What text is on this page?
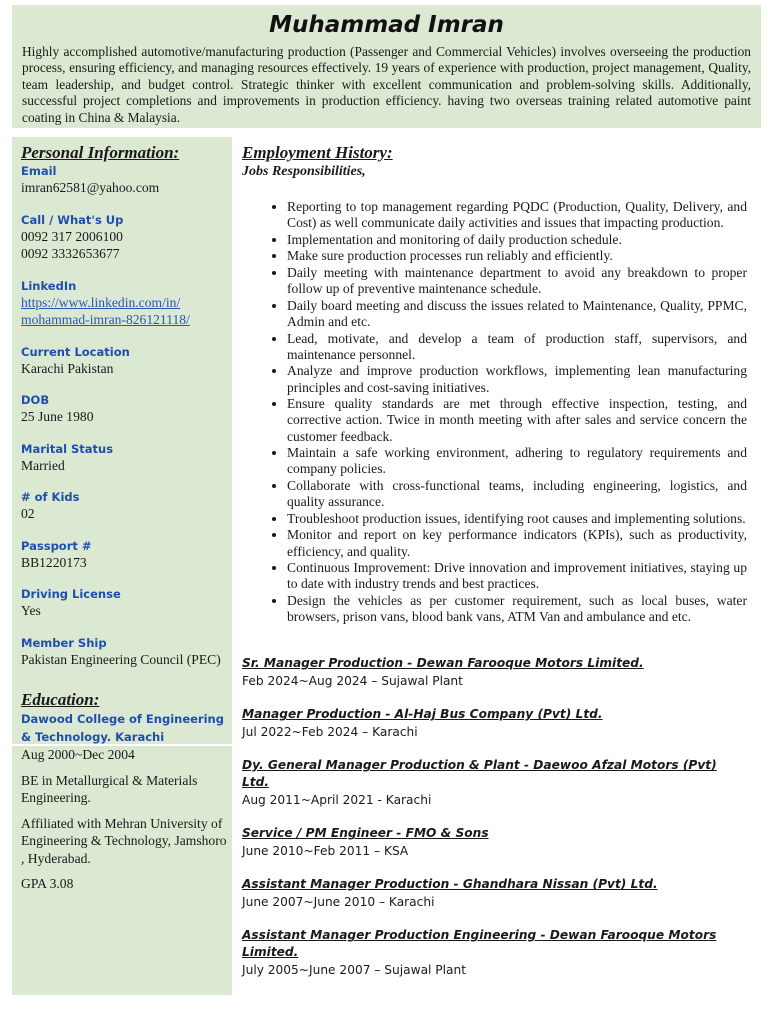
Muhammad Imran
Highly accomplished automotive/manufacturing production (Passenger and Commercial Vehicles) involves overseeing the production process, ensuring efficiency, and managing resources effectively. 19 years of experience with production, project management, Quality, team leadership, and budget control. Strategic thinker with excellent communication and problem-solving skills. Additionally, successful project completions and improvements in production efficiency. having two overseas training related automotive paint coating in China & Malaysia.
Personal Information:
Email
imran62581@yahoo.com
Call / What's Up
0092 317 2006100
0092 3332653677
LinkedIn
https://www.linkedin.com/in/
mohammad-imran-826121118/
Current Location
Karachi Pakistan
DOB
25 June 1980
Marital Status
Married
# of Kids
02
Passport #
BB1220173
Driving License
Yes
Member Ship
Pakistan Engineering Council (PEC)
Education:
Dawood College of Engineering & Technology. Karachi
Aug 2000~Dec 2004
BE in Metallurgical & Materials Engineering.
Affiliated with Mehran University of Engineering & Technology, Jamshoro , Hyderabad.
GPA 3.08
Employment History:
Jobs Responsibilities,
• Reporting to top management regarding PQDC (Production, Quality, Delivery, and Cost) as well communicate daily activities and issues that impacting production.
• Implementation and monitoring of daily production schedule.
• Make sure production processes run reliably and efficiently.
• Daily meeting with maintenance department to avoid any breakdown to proper follow up of preventive maintenance schedule.
• Daily board meeting and discuss the issues related to Maintenance, Quality, PPMC, Admin and etc.
• Lead, motivate, and develop a team of production staff, supervisors, and maintenance personnel.
• Analyze and improve production workflows, implementing lean manufacturing principles and cost-saving initiatives.
• Ensure quality standards are met through effective inspection, testing, and corrective action. Twice in month meeting with after sales and service concern the customer feedback.
• Maintain a safe working environment, adhering to regulatory requirements and company policies.
• Collaborate with cross-functional teams, including engineering, logistics, and quality assurance.
• Troubleshoot production issues, identifying root causes and implementing solutions.
• Monitor and report on key performance indicators (KPIs), such as productivity, efficiency, and quality.
• Continuous Improvement: Drive innovation and improvement initiatives, staying up to date with industry trends and best practices.
• Design the vehicles as per customer requirement, such as local buses, water browsers, prison vans, blood bank vans, ATM Van and ambulance and etc.
Sr. Manager Production - Dewan Farooque Motors Limited.
Feb 2024~Aug 2024 – Sujawal Plant
Manager Production - Al-Haj Bus Company (Pvt) Ltd.
Jul 2022~Feb 2024 – Karachi
Dy. General Manager Production & Plant - Daewoo Afzal Motors (Pvt) Ltd.
Aug 2011~April 2021 - Karachi
Service / PM Engineer - FMO & Sons
June 2010~Feb 2011 – KSA
Assistant Manager Production - Ghandhara Nissan (Pvt) Ltd.
June 2007~June 2010 – Karachi
Assistant Manager Production Engineering - Dewan Farooque Motors Limited.
July 2005~June 2007 – Sujawal Plant
